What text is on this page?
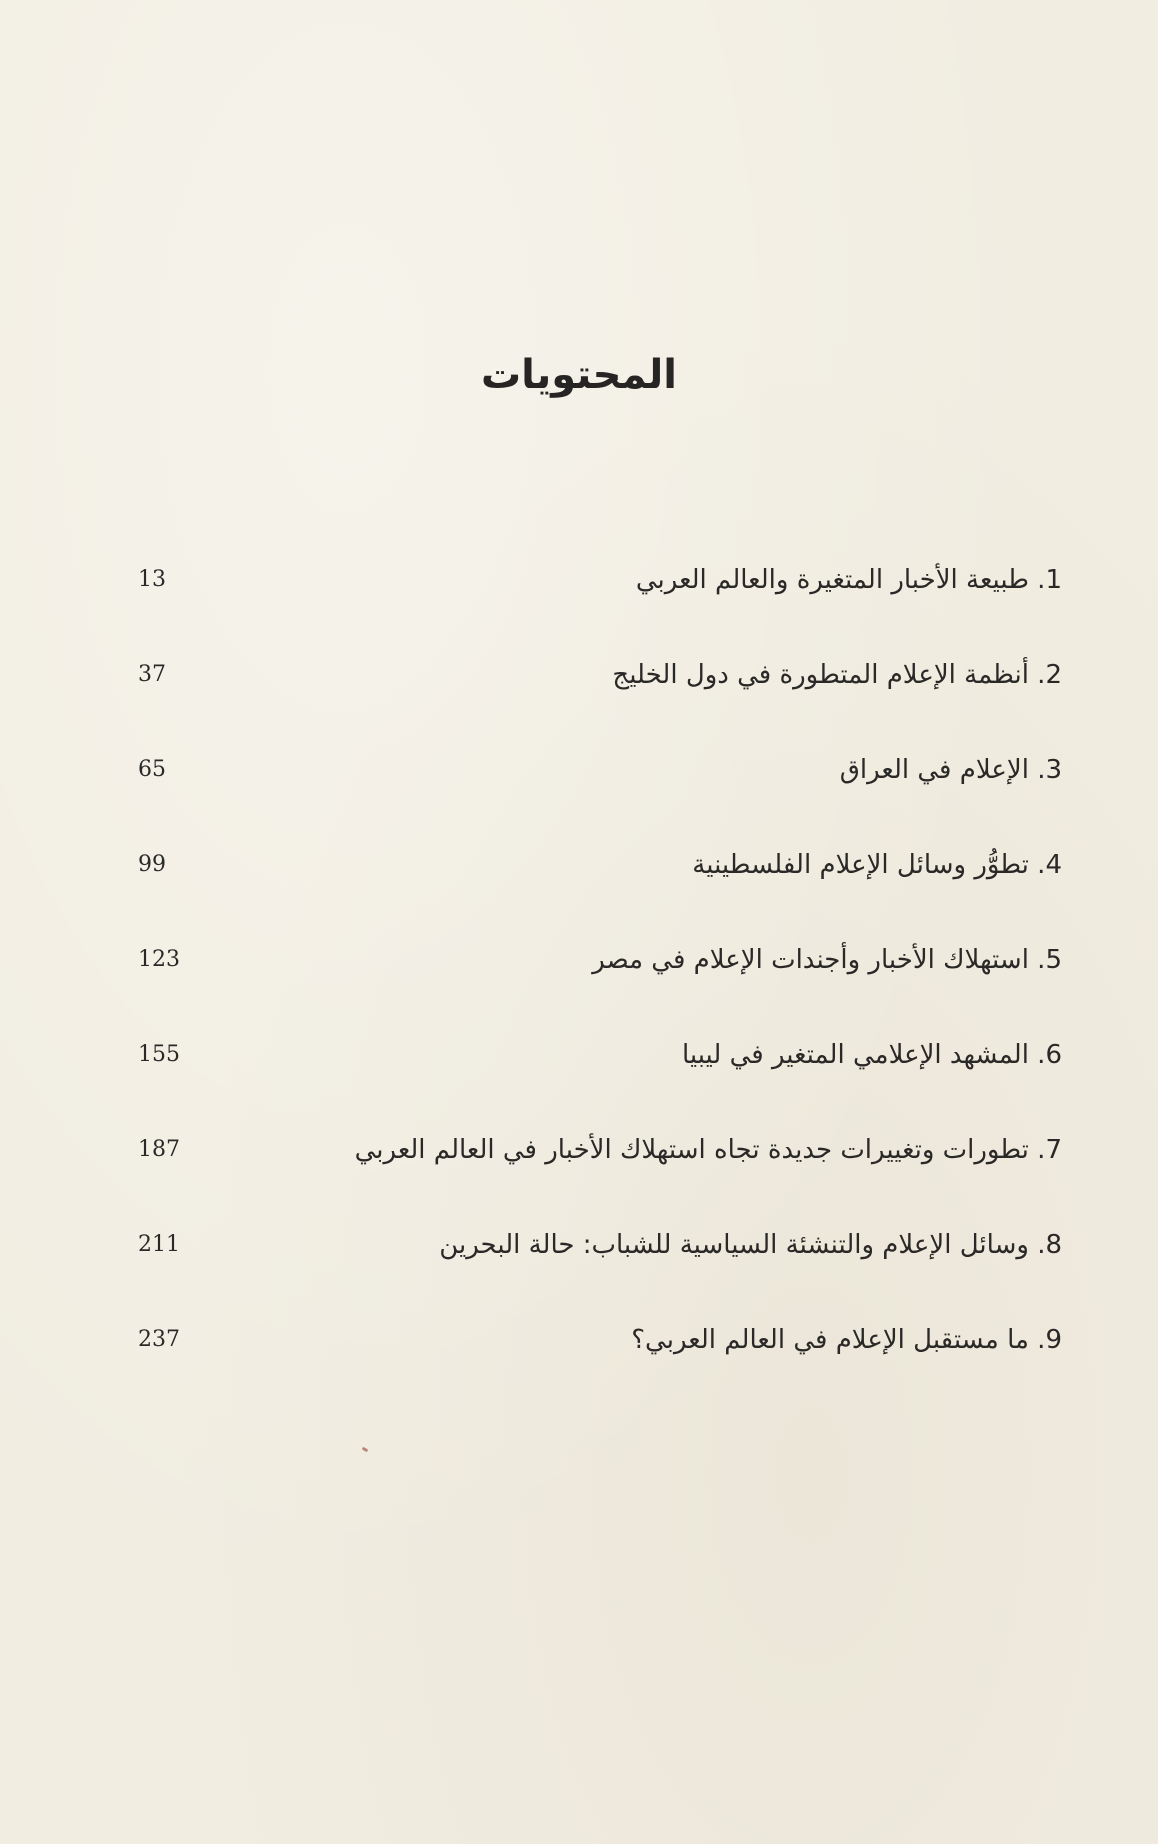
المحتويات
1. طبيعة الأخبار المتغيرة والعالم العربي
13
2. أنظمة الإعلام المتطورة في دول الخليج
37
3. الإعلام في العراق
65
4. تطوُّر وسائل الإعلام الفلسطينية
99
5. استهلاك الأخبار وأجندات الإعلام في مصر
123
6. المشهد الإعلامي المتغير في ليبيا
155
7. تطورات وتغييرات جديدة تجاه استهلاك الأخبار في العالم العربي
187
8. وسائل الإعلام والتنشئة السياسية للشباب: حالة البحرين
211
9. ما مستقبل الإعلام في العالم العربي؟
237
